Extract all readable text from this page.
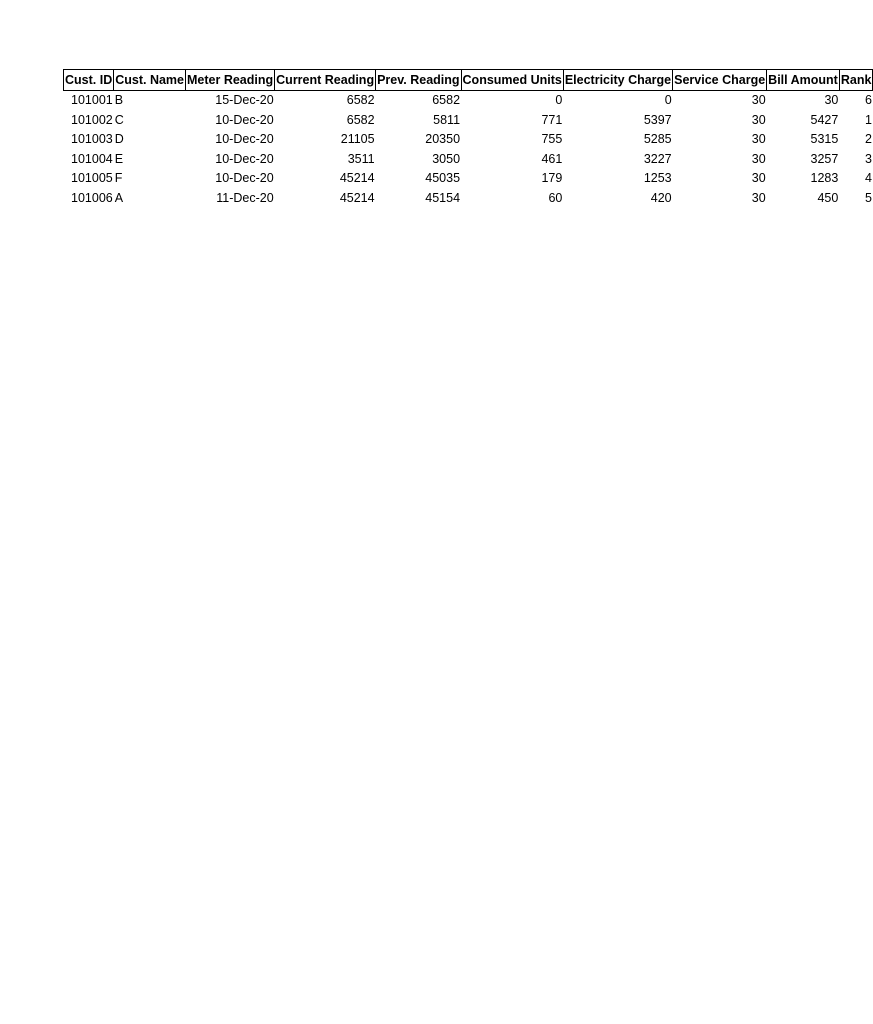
Cust. ID	Cust. Name	Meter Reading	Current Reading	Prev. Reading	Consumed Units	Electricity Charge	Service Charge	Bill Amount	Rank
101001	B	15-Dec-20	6582	6582	0	0	30	30	6
101002	C	10-Dec-20	6582	5811	771	5397	30	5427	1
101003	D	10-Dec-20	21105	20350	755	5285	30	5315	2
101004	E	10-Dec-20	3511	3050	461	3227	30	3257	3
101005	F	10-Dec-20	45214	45035	179	1253	30	1283	4
101006	A	11-Dec-20	45214	45154	60	420	30	450	5
